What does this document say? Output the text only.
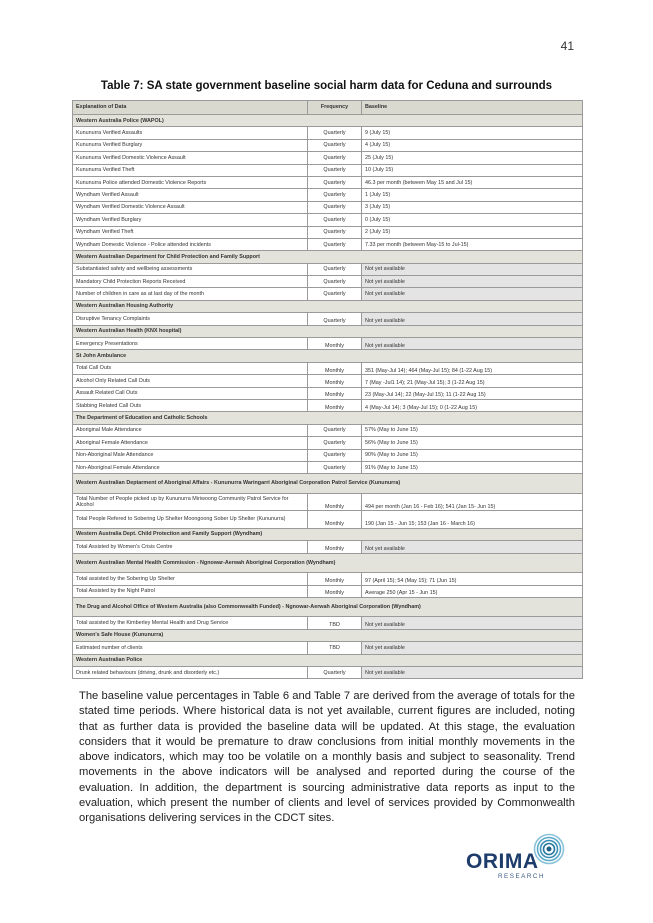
41
Table 7: SA state government baseline social harm data for Ceduna and surrounds
Explanation of Data	Frequency	Baseline
Western Australia Police (WAPOL)		
Kununurra Verified Assaults	Quarterly	9 (July 15)
Kununurra Verified Burglary	Quarterly	4 (July 15)
Kununurra Verified Domestic Violence Assault	Quarterly	25 (July 15)
Kununurra Verified Theft	Quarterly	10 (July 15)
Kununurra Police attended Domestic Violence Reports	Quarterly	46.3 per month (between May 15 and Jul 15)
Wyndham Verified Assault	Quarterly	1 (July 15)
Wyndham Verified Domestic Violence Assault	Quarterly	3 (July 15)
Wyndham Verified Burglary	Quarterly	0 (July 15)
Wyndham Verified Theft	Quarterly	2 (July 15)
Wyndham Domestic Violence - Police attended incidents	Quarterly	7.33 per month (between May-15 to Jul-15)
Western Australian Department for Child Protection and Family Support		
Substantiated safety and wellbeing assessments	Quarterly	Not yet available
Mandatory Child Protection Reports Received	Quarterly	Not yet available
Number of children in care as at last day of the month	Quarterly	Not yet available
Western Australian Housing Authority		
Disruptive Tenancy Complaints	Quarterly	Not yet available
Western Australian Health (KNX hospital)		
Emergency Presentations	Monthly	Not yet available
St John Ambulance		
Total Call Outs	Monthly	351 (May-Jul 14); 464 (May-Jul 15); 84 (1-22 Aug 15)
Alcohol Only Related Call Outs	Monthly	7 (May -Jul1 14); 21 (May-Jul 15); 3 (1-22 Aug 15)
Assault Related Call Outs	Monthly	23 (May-Jul 14); 22 (May-Jul 15); 11 (1-22 Aug 15)
Stabbing Related Call Outs	Monthly	4 (May-Jul 14); 3 (May-Jul 15); 0 (1-22 Aug 15)
The Department of Education and Catholic Schools		
Aboriginal Male Attendance	Quarterly	57% (May to June 15)
Aboriginal Female Attendance	Quarterly	56% (May to June 15)
Non-Aboriginal Male Attendance	Quarterly	90% (May to June 15)
Non-Aboriginal Female Attendance	Quarterly	91% (May to June 15)
Western Australian Deptarment of Aboriginal Affairs - Kununurra Waringarri Aboriginal Corporation Patrol Service (Kununurra)		
Total Number of People picked up by Kununurra Miriwoong Community Patrol Service for Alcohol	Monthly	494 per month (Jan 16 - Feb 16); 541 (Jan 15- Jun 15)
Total People Refered to Sobering Up Shelter Moongoong Sober Up Shelter (Kununurra)	Monthly	190 (Jan 15 - Jun 15; 153 (Jan 16 - March 16)
Western Australia Dept. Child Protection and Family Support (Wyndham)		
Total Assisted by Women's Crisis Centre	Monthly	Not yet available
Western Australian Mental Health Commission - Ngnowar-Aerwah Aboriginal Corporation (Wyndham)		
Total assisted by the Sobering Up Shelter	Monthly	97 (April 15); 54 (May 15); 71 (Jun 15)
Total Assisted by the Night Patrol	Monthly	Average 250 (Apr 15 - Jun 15)
The Drug and Alcohol Office of Western Australia (also Commonwealth Funded) - Ngnowar-Aerwah Aboriginal Corporation (Wyndham)		
Total assisted by the Kimberley Mental Health and Drug Service	TBD	Not yet available
Women's Safe House (Kununurra)		
Estimated number of clients	TBD	Not yet available
Western Australian Police		
Drunk related behaviours (driving, drunk and disorderly etc.)	Quarterly	Not yet available
The baseline value percentages in Table 6 and Table 7 are derived from the average of totals for the stated time periods. Where historical data is not yet available, current figures are included, noting that as further data is provided the baseline data will be updated. At this stage, the evaluation considers that it would be premature to draw conclusions from initial monthly movements in the above indicators, which may too be volatile on a monthly basis and subject to seasonality. Trend movements in the above indicators will be analysed and reported during the course of the evaluation. In addition, the department is sourcing administrative data reports as input to the evaluation, which present the number of clients and level of services provided by Commonwealth organisations delivering services in the CDCT sites.
ORIMA
RESEARCH
